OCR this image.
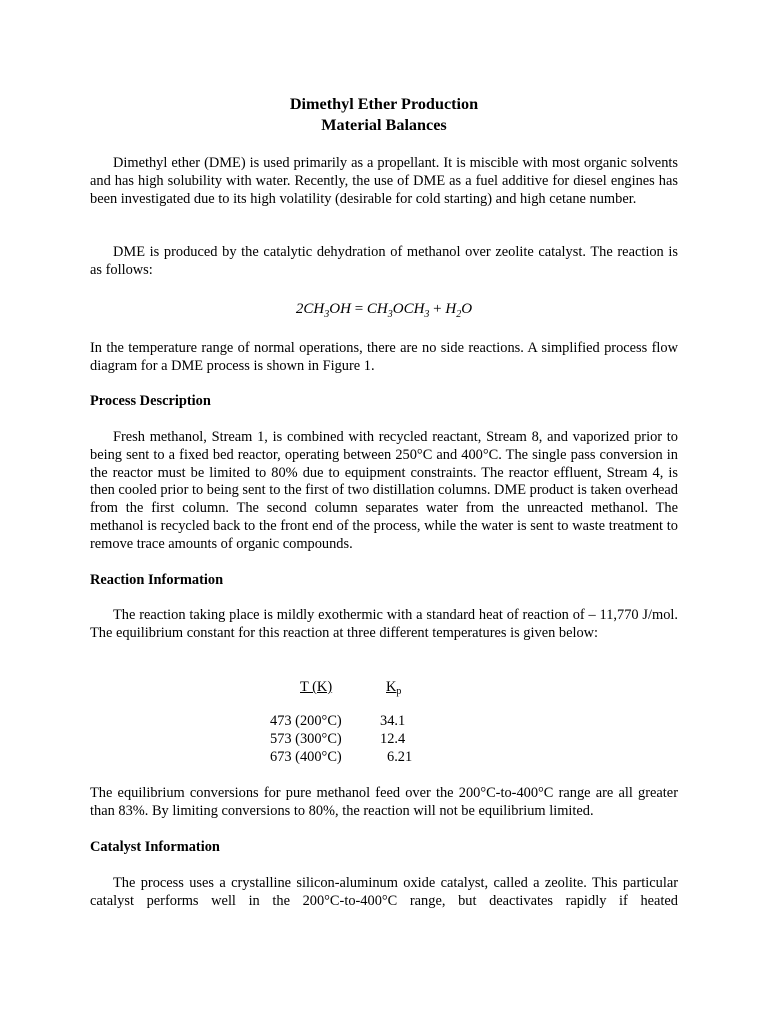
Dimethyl Ether Production
Material Balances

Dimethyl ether (DME) is used primarily as a propellant. It is miscible with most organic solvents and has high solubility with water. Recently, the use of DME as a fuel additive for diesel engines has been investigated due to its high volatility (desirable for cold starting) and high cetane number.

DME is produced by the catalytic dehydration of methanol over zeolite catalyst. The reaction is as follows:

$2CH_3OH = CH_3OCH_3 + H_2O$

In the temperature range of normal operations, there are no side reactions. A simplified process flow diagram for a DME process is shown in Figure 1.

Process Description

Fresh methanol, Stream 1, is combined with recycled reactant, Stream 8, and vaporized prior to being sent to a fixed bed reactor, operating between 250°C and 400°C. The single pass conversion in the reactor must be limited to 80% due to equipment constraints. The reactor effluent, Stream 4, is then cooled prior to being sent to the first of two distillation columns. DME product is taken overhead from the first column. The second column separates water from the unreacted methanol. The methanol is recycled back to the front end of the process, while the water is sent to waste treatment to remove trace amounts of organic compounds.

Reaction Information

The reaction taking place is mildly exothermic with a standard heat of reaction of – 11,770 J/mol. The equilibrium constant for this reaction at three different temperatures is given below:

T (K)	$K_p$
473 (200°C)	34.1
573 (300°C)	12.4
673 (400°C)	6.21

The equilibrium conversions for pure methanol feed over the 200°C-to-400°C range are all greater than 83%. By limiting conversions to 80%, the reaction will not be equilibrium limited.

Catalyst Information

The process uses a crystalline silicon-aluminum oxide catalyst, called a zeolite. This particular catalyst performs well in the 200°C-to-400°C range, but deactivates rapidly if heated
